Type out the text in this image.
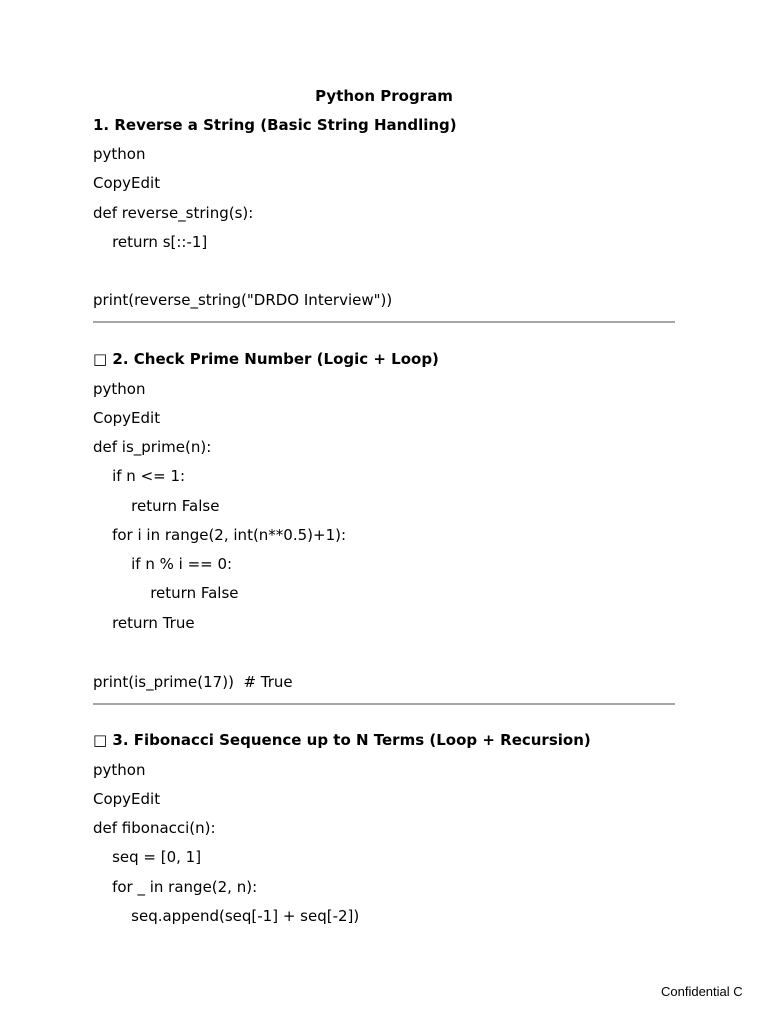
Python Program
1. Reverse a String (Basic String Handling)
python
CopyEdit
def reverse_string(s):
return s[::-1]
print(reverse_string("DRDO Interview"))
□ 2. Check Prime Number (Logic + Loop)
python
CopyEdit
def is_prime(n):
if n <= 1:
return False
for i in range(2, int(n**0.5)+1):
if n % i == 0:
return False
return True
print(is_prime(17))  # True
□ 3. Fibonacci Sequence up to N Terms (Loop + Recursion)
python
CopyEdit
def fibonacci(n):
seq = [0, 1]
for _ in range(2, n):
seq.append(seq[-1] + seq[-2])
Confidential C
